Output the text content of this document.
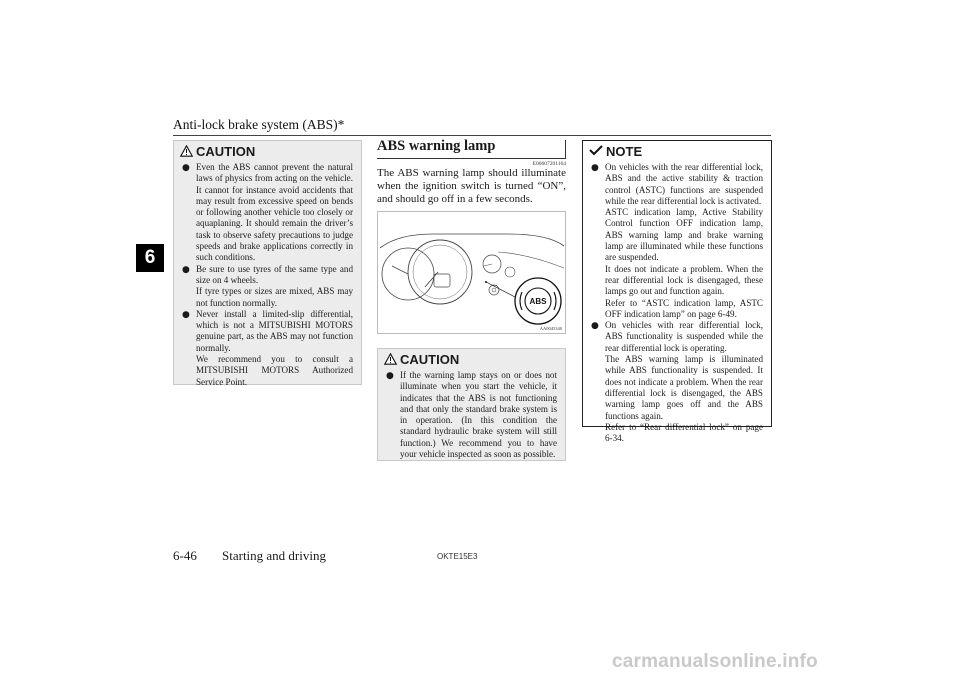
Anti-lock brake system (ABS)*
6
CAUTION
● Even the ABS cannot prevent the natural laws of physics from acting on the vehicle. It cannot for instance avoid accidents that may result from excessive speed on bends or following another vehicle too closely or aquaplaning. It should remain the driver’s task to observe safety precautions to judge speeds and brake applications correctly in such conditions.
● Be sure to use tyres of the same type and size on 4 wheels.
If tyre types or sizes are mixed, ABS may not function normally.
● Never install a limited-slip differential, which is not a MITSUBISHI MOTORS genuine part, as the ABS may not function normally.
We recommend you to consult a MITSUBISHI MOTORS Authorized Service Point.
ABS warning lamp
E00607201164
The ABS warning lamp should illuminate when the ignition switch is turned “ON”, and should go off in a few seconds.
ABS
AA0045340
CAUTION
● If the warning lamp stays on or does not illuminate when you start the vehicle, it indicates that the ABS is not functioning and that only the standard brake system is in operation. (In this condition the standard hydraulic brake system will still function.) We recommend you to have your vehicle inspected as soon as possible.
NOTE
● On vehicles with the rear differential lock, ABS and the active stability & traction control (ASTC) functions are suspended while the rear differential lock is activated.
ASTC indication lamp, Active Stability Control function OFF indication lamp, ABS warning lamp and brake warning lamp are illuminated while these functions are suspended.
It does not indicate a problem. When the rear differential lock is disengaged, these lamps go out and function again.
Refer to “ASTC indication lamp, ASTC OFF indication lamp” on page 6-49.
● On vehicles with rear differential lock, ABS functionality is suspended while the rear differential lock is operating.
The ABS warning lamp is illuminated while ABS functionality is suspended. It does not indicate a problem. When the rear differential lock is disengaged, the ABS warning lamp goes off and the ABS functions again.
Refer to “Rear differential lock” on page 6-34.
6-46 Starting and driving	OKTE15E3
carmanualsonline.info
